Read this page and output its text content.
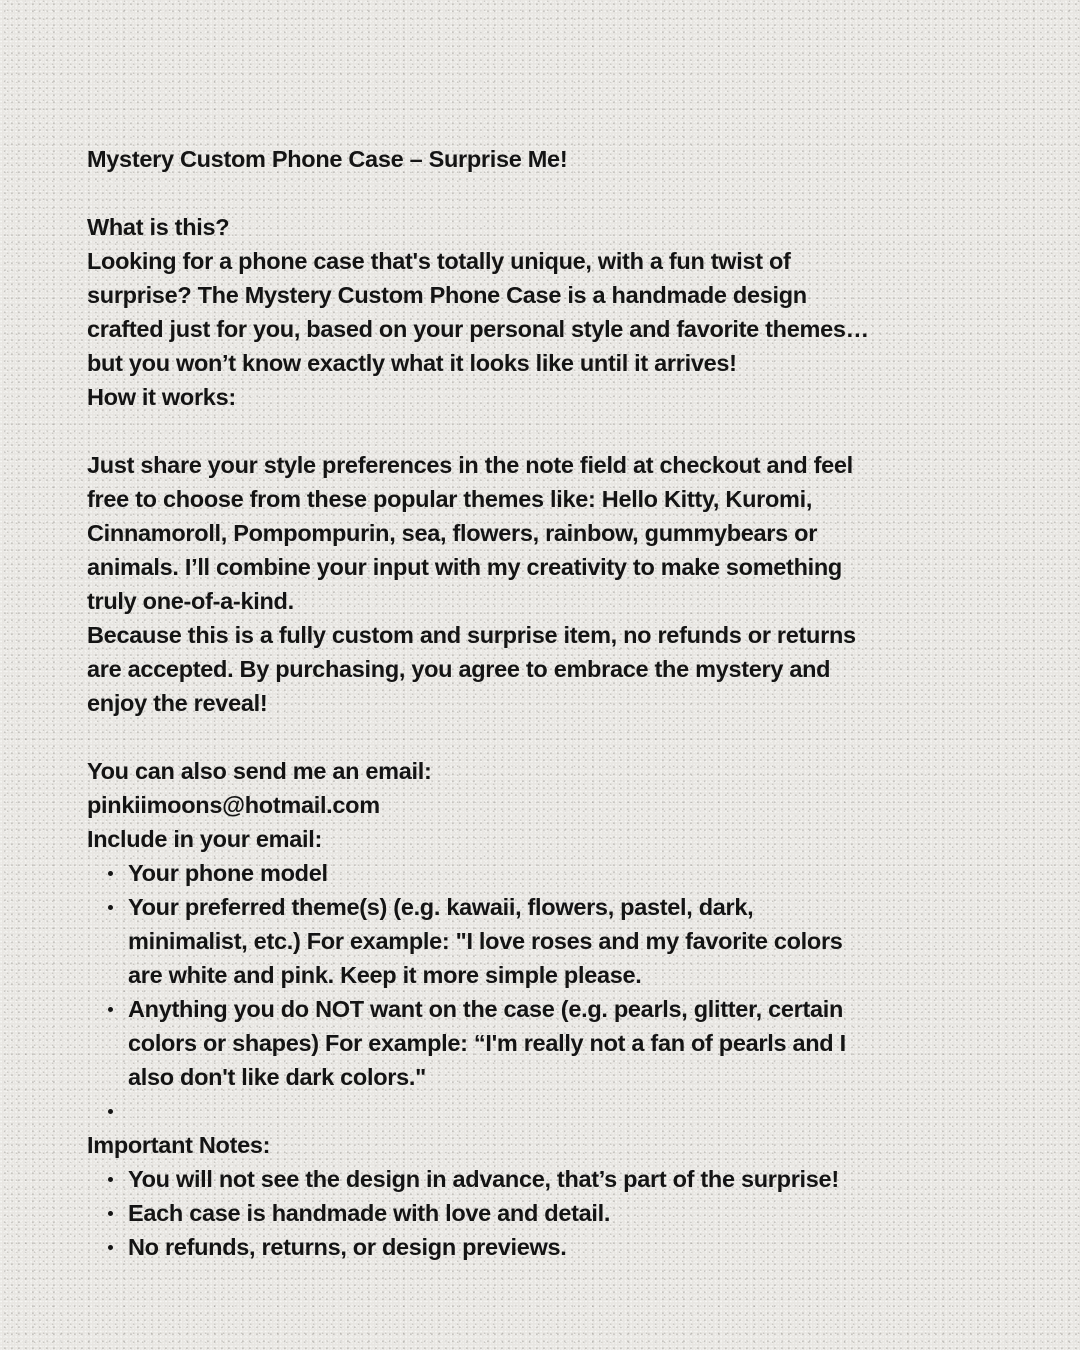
Mystery Custom Phone Case – Surprise Me!
What is this?
Looking for a phone case that's totally unique, with a fun twist of
surprise? The Mystery Custom Phone Case is a handmade design
crafted just for you, based on your personal style and favorite themes…
but you won’t know exactly what it looks like until it arrives!
How it works:
Just share your style preferences in the note field at checkout and feel
free to choose from these popular themes like: Hello Kitty, Kuromi,
Cinnamoroll, Pompompurin, sea, flowers, rainbow, gummybears or
animals. I’ll combine your input with my creativity to make something
truly one-of-a-kind.
Because this is a fully custom and surprise item, no refunds or returns
are accepted. By purchasing, you agree to embrace the mystery and
enjoy the reveal!
You can also send me an email:
pinkiimoons@hotmail.com
Include in your email:
Your phone model
Your preferred theme(s) (e.g. kawaii, flowers, pastel, dark,
minimalist, etc.) For example: "I love roses and my favorite colors
are white and pink. Keep it more simple please.
Anything you do NOT want on the case (e.g. pearls, glitter, certain
colors or shapes) For example: “I'm really not a fan of pearls and I
also don't like dark colors."
Important Notes:
You will not see the design in advance, that’s part of the surprise!
Each case is handmade with love and detail.
No refunds, returns, or design previews.
